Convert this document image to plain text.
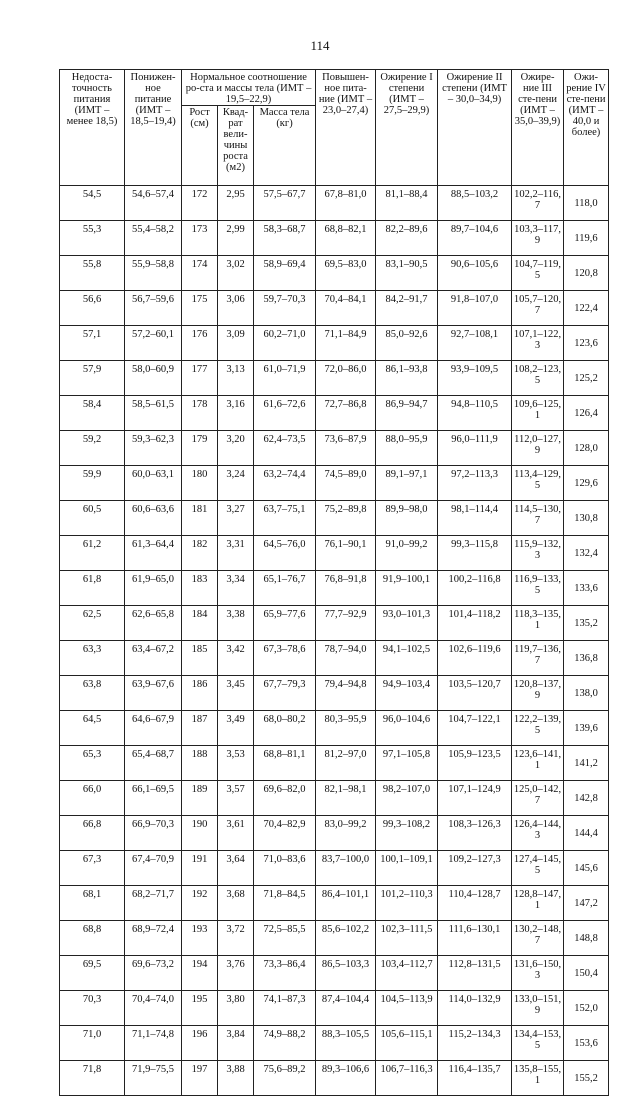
114
Недоста-точность питания (ИМТ – менее 18,5)	Понижен-ное питание (ИМТ – 18,5–19,4)	Нормальное соотношение ро-ста и массы тела (ИМТ – 19,5–22,9)			Повышен-ное пита-ние (ИМТ – 23,0–27,4)	Ожирение I степени (ИМТ – 27,5–29,9)	Ожирение II степени (ИМТ – 30,0–34,9)	Ожире-ние III сте-пени (ИМТ – 35,0–39,9)	Ожи-рение IV сте-пени (ИМТ – 40,0 и более)
		Рост (см)	Квад-рат вели-чины роста (м2)	Масса тела (кг)					
54,5	54,6–57,4	172	2,95	57,5–67,7	67,8–81,0	81,1–88,4	88,5–103,2	102,2–116,7	118,0
55,3	55,4–58,2	173	2,99	58,3–68,7	68,8–82,1	82,2–89,6	89,7–104,6	103,3–117,9	119,6
55,8	55,9–58,8	174	3,02	58,9–69,4	69,5–83,0	83,1–90,5	90,6–105,6	104,7–119,5	120,8
56,6	56,7–59,6	175	3,06	59,7–70,3	70,4–84,1	84,2–91,7	91,8–107,0	105,7–120,7	122,4
57,1	57,2–60,1	176	3,09	60,2–71,0	71,1–84,9	85,0–92,6	92,7–108,1	107,1–122,3	123,6
57,9	58,0–60,9	177	3,13	61,0–71,9	72,0–86,0	86,1–93,8	93,9–109,5	108,2–123,5	125,2
58,4	58,5–61,5	178	3,16	61,6–72,6	72,7–86,8	86,9–94,7	94,8–110,5	109,6–125,1	126,4
59,2	59,3–62,3	179	3,20	62,4–73,5	73,6–87,9	88,0–95,9	96,0–111,9	112,0–127,9	128,0
59,9	60,0–63,1	180	3,24	63,2–74,4	74,5–89,0	89,1–97,1	97,2–113,3	113,4–129,5	129,6
60,5	60,6–63,6	181	3,27	63,7–75,1	75,2–89,8	89,9–98,0	98,1–114,4	114,5–130,7	130,8
61,2	61,3–64,4	182	3,31	64,5–76,0	76,1–90,1	91,0–99,2	99,3–115,8	115,9–132,3	132,4
61,8	61,9–65,0	183	3,34	65,1–76,7	76,8–91,8	91,9–100,1	100,2–116,8	116,9–133,5	133,6
62,5	62,6–65,8	184	3,38	65,9–77,6	77,7–92,9	93,0–101,3	101,4–118,2	118,3–135,1	135,2
63,3	63,4–67,2	185	3,42	67,3–78,6	78,7–94,0	94,1–102,5	102,6–119,6	119,7–136,7	136,8
63,8	63,9–67,6	186	3,45	67,7–79,3	79,4–94,8	94,9–103,4	103,5–120,7	120,8–137,9	138,0
64,5	64,6–67,9	187	3,49	68,0–80,2	80,3–95,9	96,0–104,6	104,7–122,1	122,2–139,5	139,6
65,3	65,4–68,7	188	3,53	68,8–81,1	81,2–97,0	97,1–105,8	105,9–123,5	123,6–141,1	141,2
66,0	66,1–69,5	189	3,57	69,6–82,0	82,1–98,1	98,2–107,0	107,1–124,9	125,0–142,7	142,8
66,8	66,9–70,3	190	3,61	70,4–82,9	83,0–99,2	99,3–108,2	108,3–126,3	126,4–144,3	144,4
67,3	67,4–70,9	191	3,64	71,0–83,6	83,7–100,0	100,1–109,1	109,2–127,3	127,4–145,5	145,6
68,1	68,2–71,7	192	3,68	71,8–84,5	86,4–101,1	101,2–110,3	110,4–128,7	128,8–147,1	147,2
68,8	68,9–72,4	193	3,72	72,5–85,5	85,6–102,2	102,3–111,5	111,6–130,1	130,2–148,7	148,8
69,5	69,6–73,2	194	3,76	73,3–86,4	86,5–103,3	103,4–112,7	112,8–131,5	131,6–150,3	150,4
70,3	70,4–74,0	195	3,80	74,1–87,3	87,4–104,4	104,5–113,9	114,0–132,9	133,0–151,9	152,0
71,0	71,1–74,8	196	3,84	74,9–88,2	88,3–105,5	105,6–115,1	115,2–134,3	134,4–153,5	153,6
71,8	71,9–75,5	197	3,88	75,6–89,2	89,3–106,6	106,7–116,3	116,4–135,7	135,8–155,1	155,2
